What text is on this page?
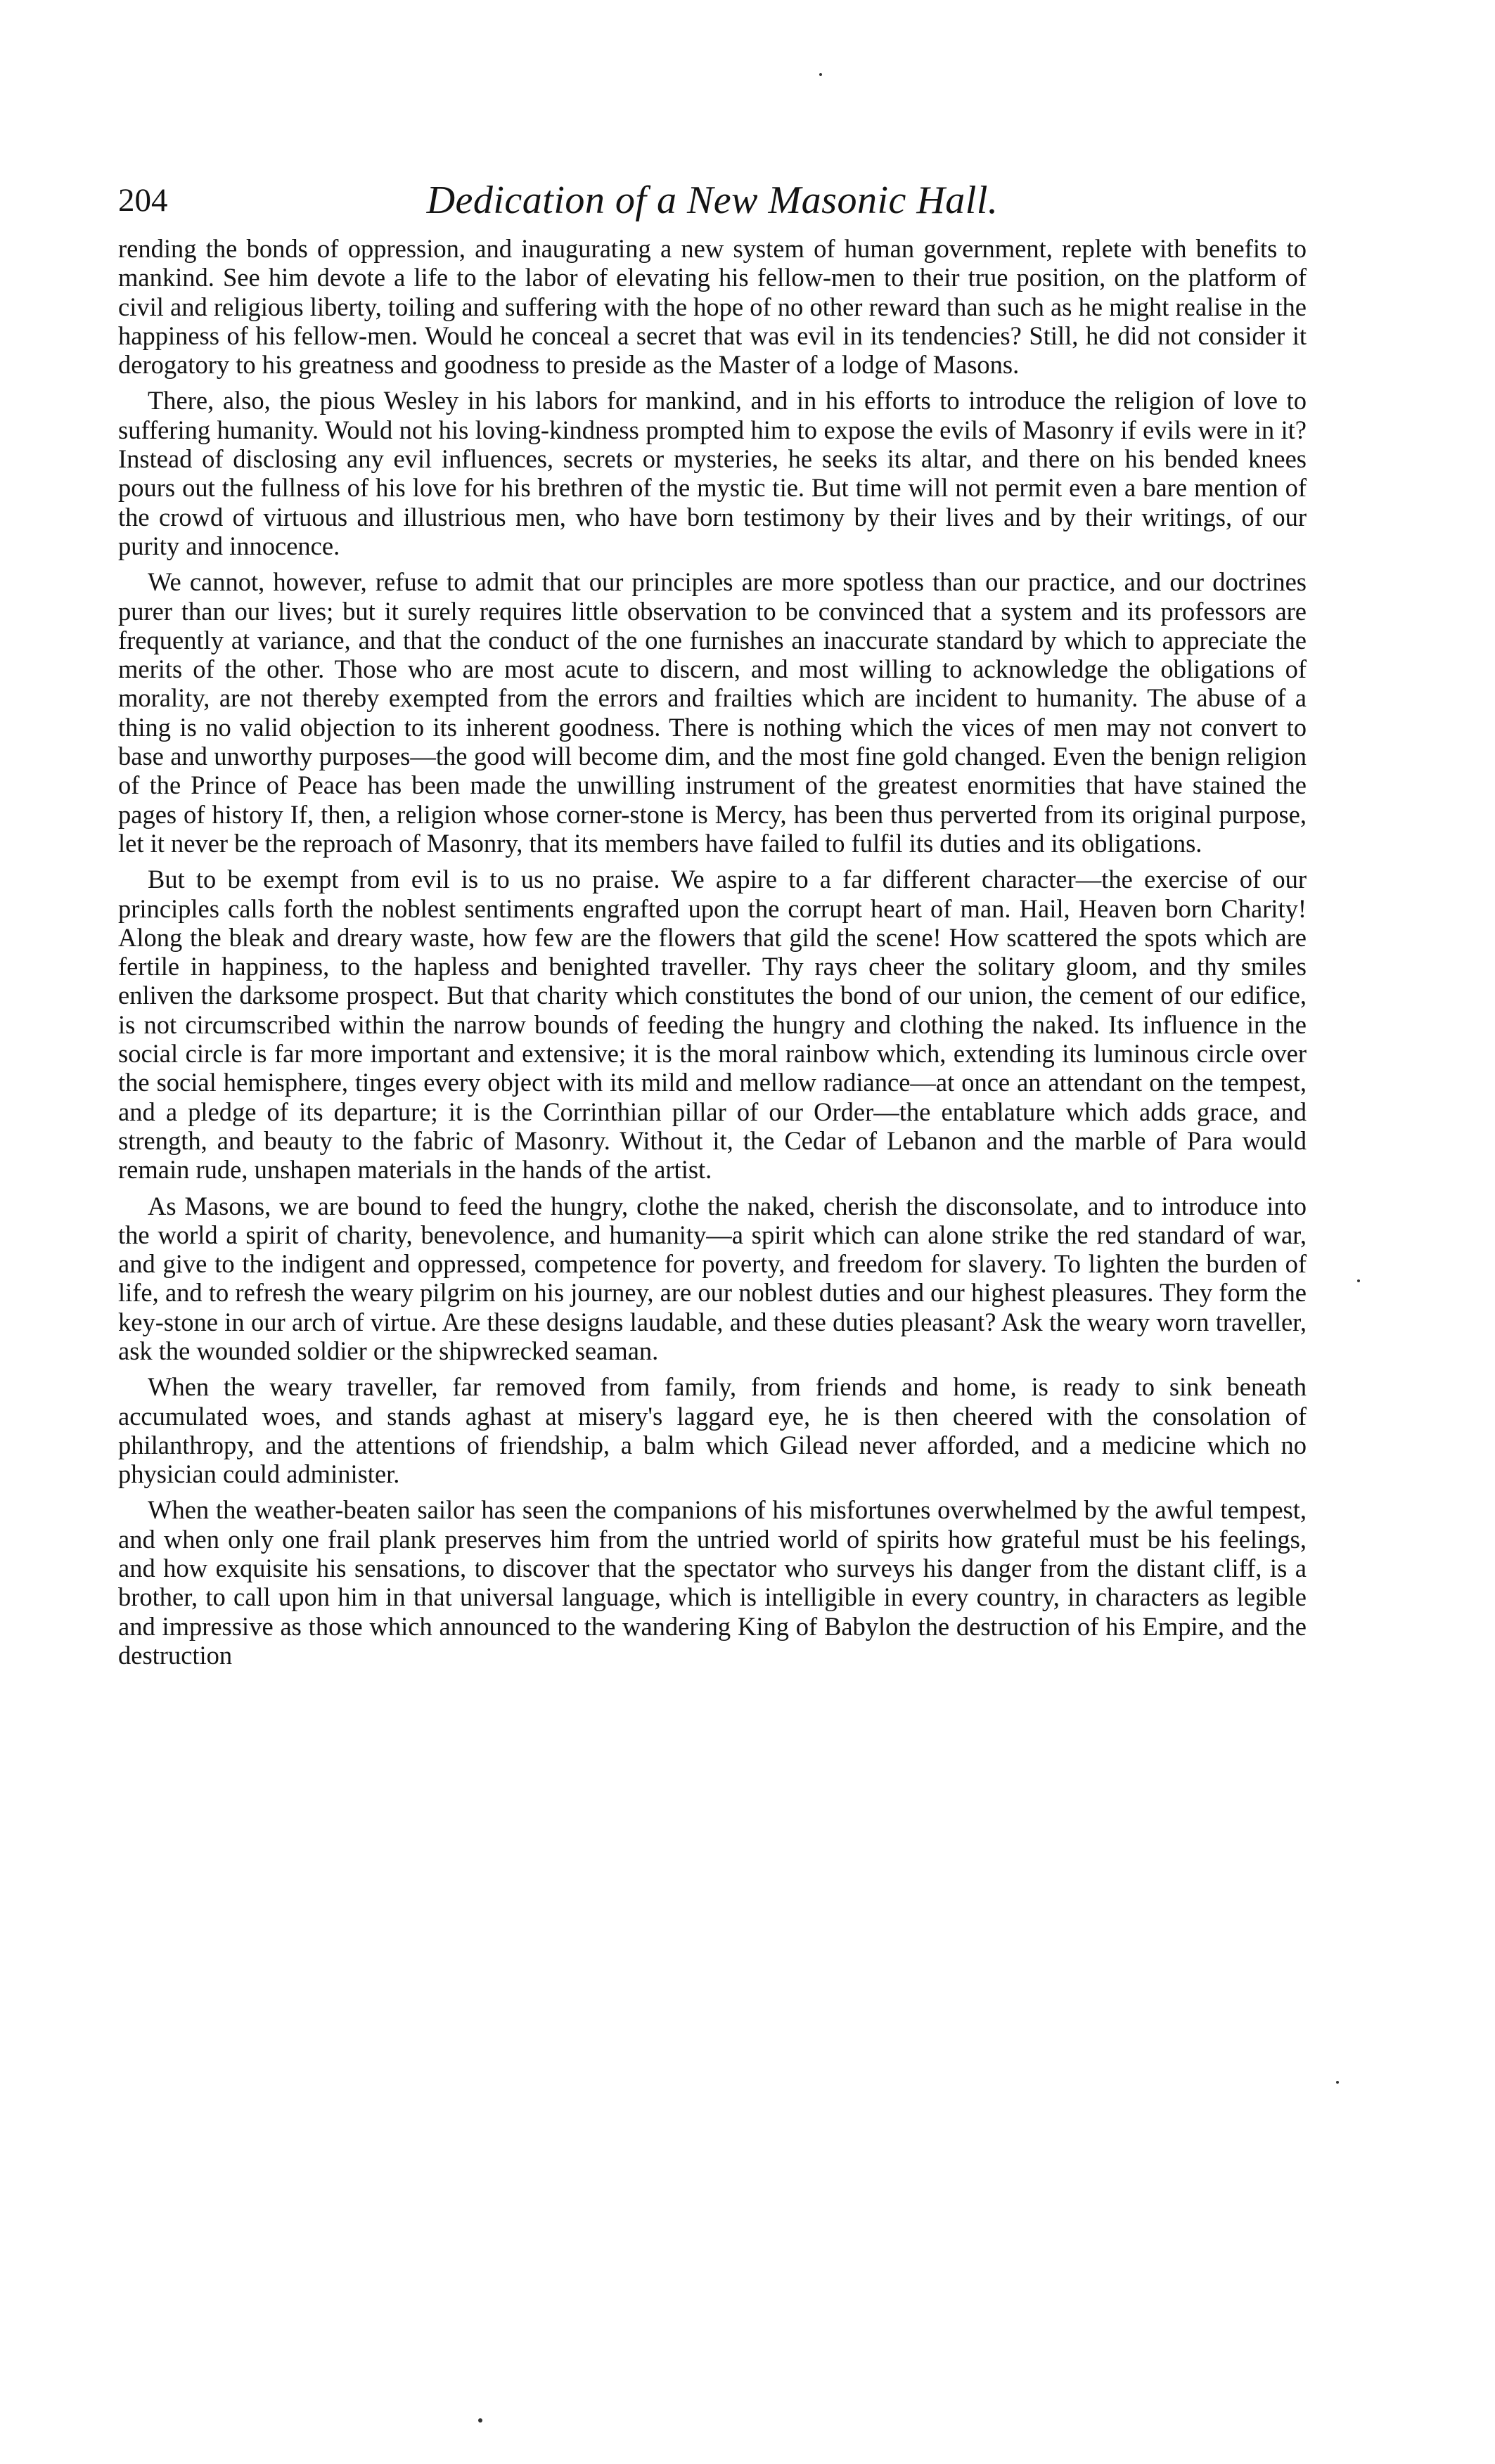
204	Dedication of a New Masonic Hall.

rending the bonds of oppression, and inaugurating a new system of human government, replete with benefits to mankind. See him devote a life to the labor of elevating his fellow-men to their true position, on the platform of civil and religious liberty, toiling and suffering with the hope of no other reward than such as he might realise in the happiness of his fellow-men. Would he conceal a secret that was evil in its tendencies? Still, he did not consider it derogatory to his greatness and goodness to preside as the Master of a lodge of Masons.

There, also, the pious Wesley in his labors for mankind, and in his efforts to introduce the religion of love to suffering humanity. Would not his loving-kindness prompted him to expose the evils of Masonry if evils were in it? Instead of disclosing any evil influences, secrets or mysteries, he seeks its altar, and there on his bended knees pours out the fullness of his love for his brethren of the mystic tie. But time will not permit even a bare mention of the crowd of virtuous and illustrious men, who have born testimony by their lives and by their writings, of our purity and innocence.

We cannot, however, refuse to admit that our principles are more spotless than our practice, and our doctrines purer than our lives; but it surely requires little observation to be convinced that a system and its professors are frequently at variance, and that the conduct of the one furnishes an inaccurate standard by which to appreciate the merits of the other. Those who are most acute to discern, and most willing to acknowledge the obligations of morality, are not thereby exempted from the errors and frailties which are incident to humanity. The abuse of a thing is no valid objection to its inherent goodness. There is nothing which the vices of men may not convert to base and unworthy purposes—the good will become dim, and the most fine gold changed. Even the benign religion of the Prince of Peace has been made the unwilling instrument of the greatest enormities that have stained the pages of history If, then, a religion whose corner-stone is Mercy, has been thus perverted from its original purpose, let it never be the reproach of Masonry, that its members have failed to fulfil its duties and its obligations.

But to be exempt from evil is to us no praise. We aspire to a far different character—the exercise of our principles calls forth the noblest sentiments engrafted upon the corrupt heart of man. Hail, Heaven born Charity! Along the bleak and dreary waste, how few are the flowers that gild the scene! How scattered the spots which are fertile in happiness, to the hapless and benighted traveller. Thy rays cheer the solitary gloom, and thy smiles enliven the darksome prospect. But that charity which constitutes the bond of our union, the cement of our edifice, is not circumscribed within the narrow bounds of feeding the hungry and clothing the naked. Its influence in the social circle is far more important and extensive; it is the moral rainbow which, extending its luminous circle over the social hemisphere, tinges every object with its mild and mellow radiance—at once an attendant on the tempest, and a pledge of its departure; it is the Corrinthian pillar of our Order—the entablature which adds grace, and strength, and beauty to the fabric of Masonry. Without it, the Cedar of Lebanon and the marble of Para would remain rude, unshapen materials in the hands of the artist.

As Masons, we are bound to feed the hungry, clothe the naked, cherish the disconsolate, and to introduce into the world a spirit of charity, benevolence, and humanity—a spirit which can alone strike the red standard of war, and give to the indigent and oppressed, competence for poverty, and freedom for slavery. To lighten the burden of life, and to refresh the weary pilgrim on his journey, are our noblest duties and our highest pleasures. They form the key-stone in our arch of virtue. Are these designs laudable, and these duties pleasant? Ask the weary worn traveller, ask the wounded soldier or the shipwrecked seaman.

When the weary traveller, far removed from family, from friends and home, is ready to sink beneath accumulated woes, and stands aghast at misery's laggard eye, he is then cheered with the consolation of philanthropy, and the attentions of friendship, a balm which Gilead never afforded, and a medicine which no physician could administer.

When the weather-beaten sailor has seen the companions of his misfortunes overwhelmed by the awful tempest, and when only one frail plank preserves him from the untried world of spirits how grateful must be his feelings, and how exquisite his sensations, to discover that the spectator who surveys his danger from the distant cliff, is a brother, to call upon him in that universal language, which is intelligible in every country, in characters as legible and impressive as those which announced to the wandering King of Babylon the destruction of his Empire, and the destruction
